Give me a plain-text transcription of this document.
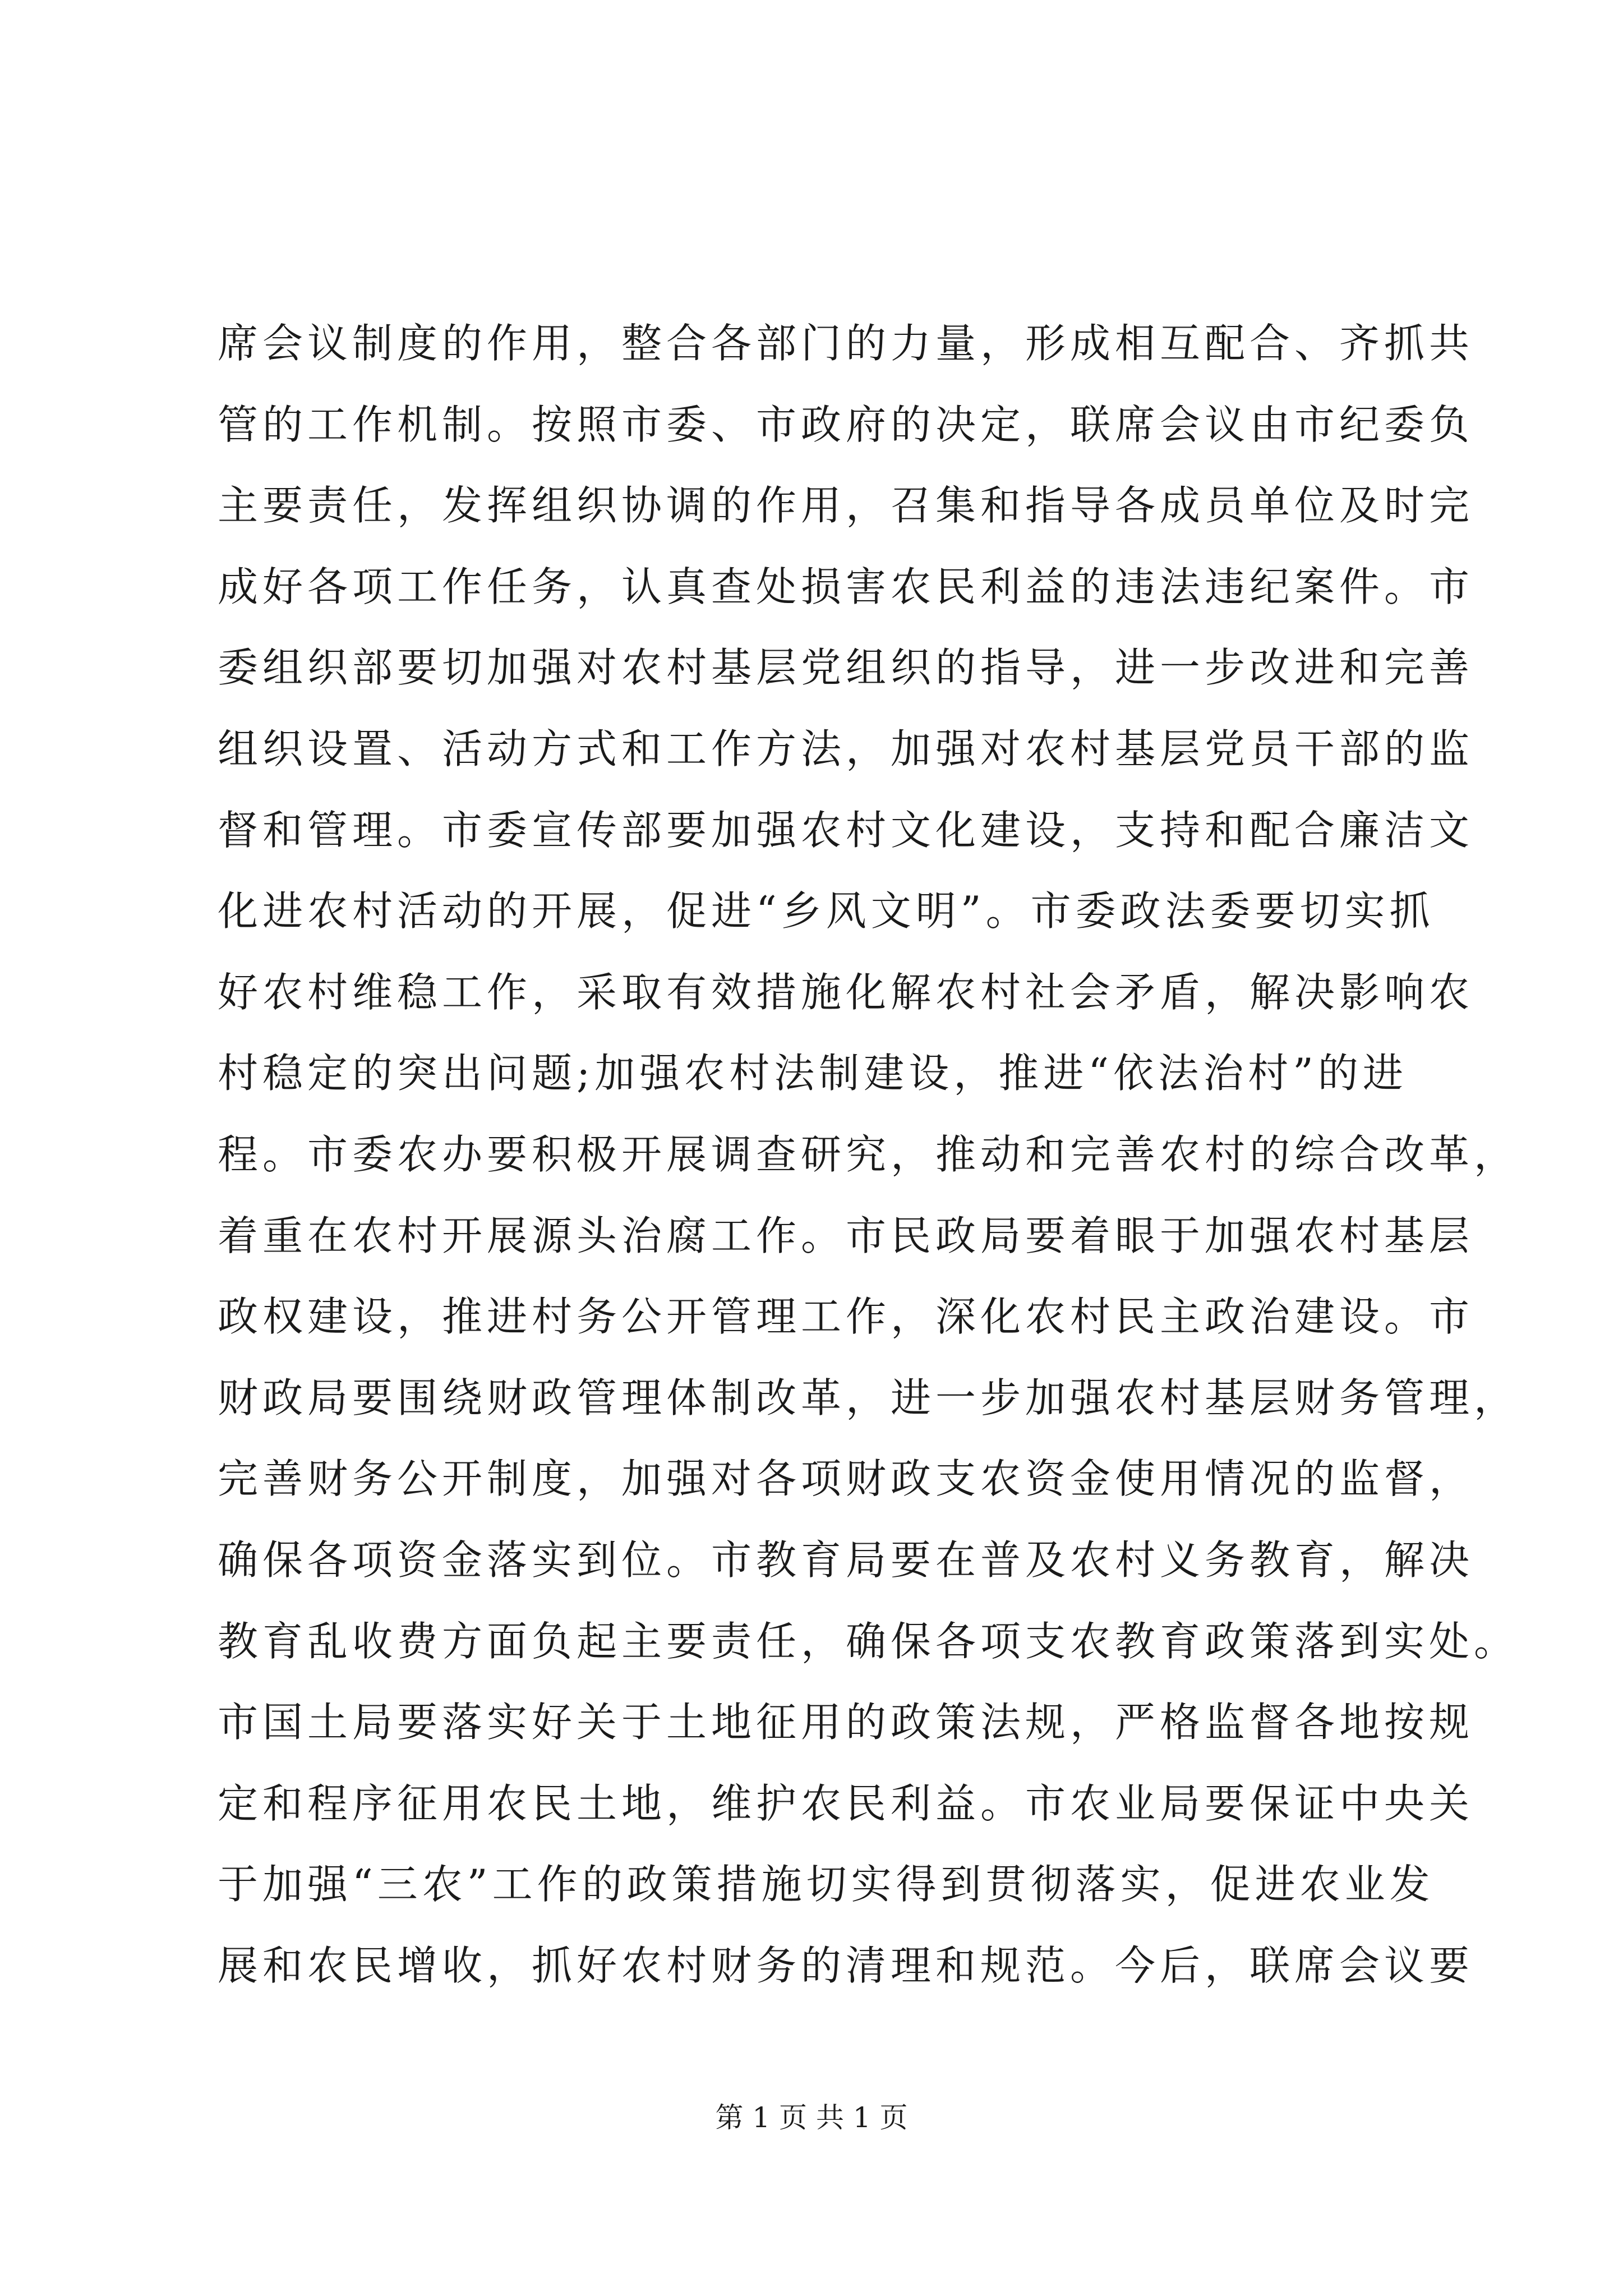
席会议制度的作用，整合各部门的力量，形成相互配合、齐抓共
管的工作机制。按照市委、市政府的决定，联席会议由市纪委负
主要责任，发挥组织协调的作用，召集和指导各成员单位及时完
成好各项工作任务，认真查处损害农民利益的违法违纪案件。市
委组织部要切加强对农村基层党组织的指导，进一步改进和完善
组织设置、活动方式和工作方法，加强对农村基层党员干部的监
督和管理。市委宣传部要加强农村文化建设，支持和配合廉洁文
化进农村活动的开展，促进“乡风文明”。市委政法委要切实抓
好农村维稳工作，采取有效措施化解农村社会矛盾，解决影响农
村稳定的突出问题;加强农村法制建设，推进“依法治村”的进
程。市委农办要积极开展调查研究，推动和完善农村的综合改革，
着重在农村开展源头治腐工作。市民政局要着眼于加强农村基层
政权建设，推进村务公开管理工作，深化农村民主政治建设。市
财政局要围绕财政管理体制改革，进一步加强农村基层财务管理，
完善财务公开制度，加强对各项财政支农资金使用情况的监督，
确保各项资金落实到位。市教育局要在普及农村义务教育，解决
教育乱收费方面负起主要责任，确保各项支农教育政策落到实处。
市国土局要落实好关于土地征用的政策法规，严格监督各地按规
定和程序征用农民土地，维护农民利益。市农业局要保证中央关
于加强“三农”工作的政策措施切实得到贯彻落实，促进农业发
展和农民增收，抓好农村财务的清理和规范。今后，联席会议要
第 1 页 共 1 页
